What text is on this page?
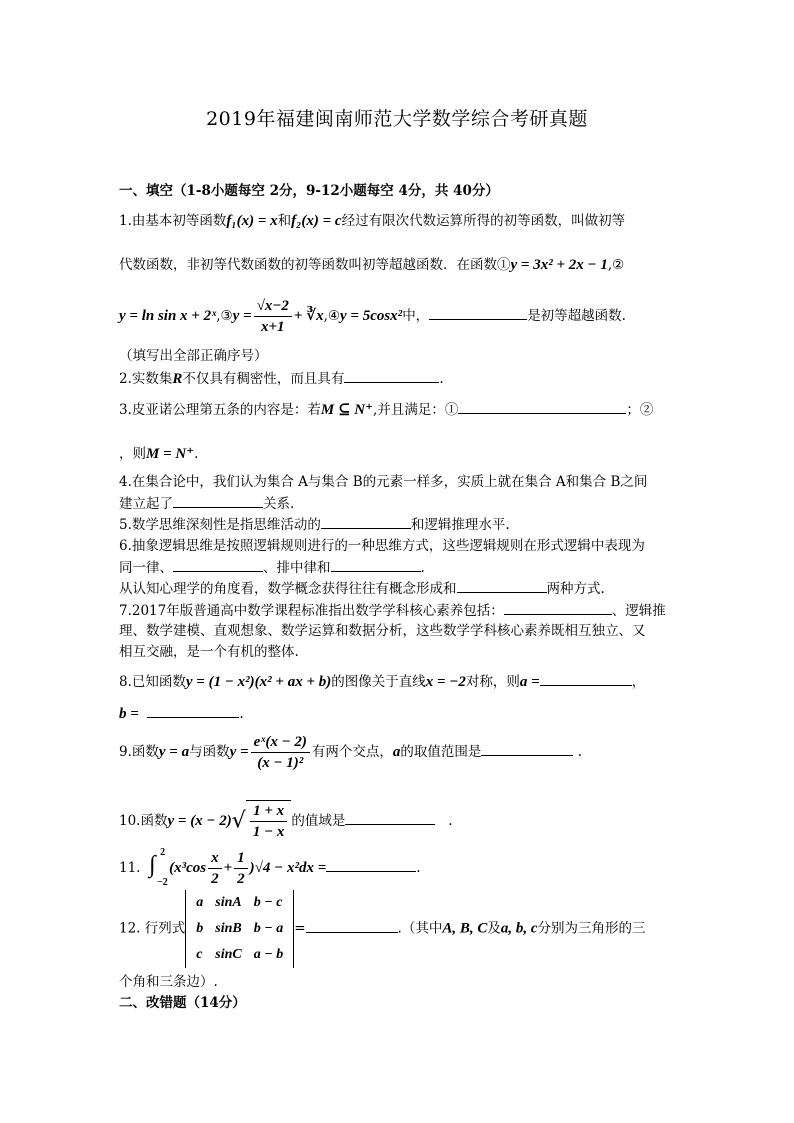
2019年福建闽南师范大学数学综合考研真题
一、填空（1-8小题每空 2分，9-12小题每空 4分，共 40分）
1.由基本初等函数f₁(x) = x和f₂(x) = c经过有限次代数运算所得的初等函数，叫做初等
代数函数，非初等代数函数的初等函数叫初等超越函数．在函数①y = 3x² + 2x − 1,②
y = ln sin x + 2ˣ,③y = $\frac{√x-2}{x+1}$ + ∛x,④y = 5cosx²中，	是初等超越函数.
（填写出全部正确序号）
2.实数集R不仅具有稠密性，而且具有	.
3.皮亚诺公理第五条的内容是：若M ⊆ N⁺,并且满足：①	；②
，则M = N⁺.
4.在集合论中，我们认为集合 A与集合 B的元素一样多，实质上就在集合 A和集合 B之间
建立起了	关系.
5.数学思维深刻性是指思维活动的	和逻辑推理水平.
6.抽象逻辑思维是按照逻辑规则进行的一种思维方式，这些逻辑规则在形式逻辑中表现为
同一律、	、排中律和	.
从认知心理学的角度看，数学概念获得往往有概念形成和	两种方式.
7.2017年版普通高中数学课程标准指出数学学科核心素养包括：	、逻辑推
理、数学建模、直观想象、数学运算和数据分析，这些数学学科核心素养既相互独立、又
相互交融，是一个有机的整体.
8.已知函数y = (1 − x²)(x² + ax + b)的图像关于直线x = −2对称，则a =	，
b =	.
9.函数y = a与函数$y = \frac{\text{eˣ(x − 2)}}{\text{(x − 1)²}}$ 有两个交点，a的取值范围是	.
10.函数$y = (x - 2)√ \frac{1 + x}{1 - x}$ 的值域是	.
11. ∫ 2
−2
$(x^3\cos \frac{x}{2} + \frac{1}{2} )√4 - x^2dx$ =	.
12. 行列式
a	sinA	b − c
b	sinB	b − a
c	sinC	a − b
=	.（其中A, B, C及a, b, c分别为三角形的三
个角和三条边）.
二、改错题（14分）
